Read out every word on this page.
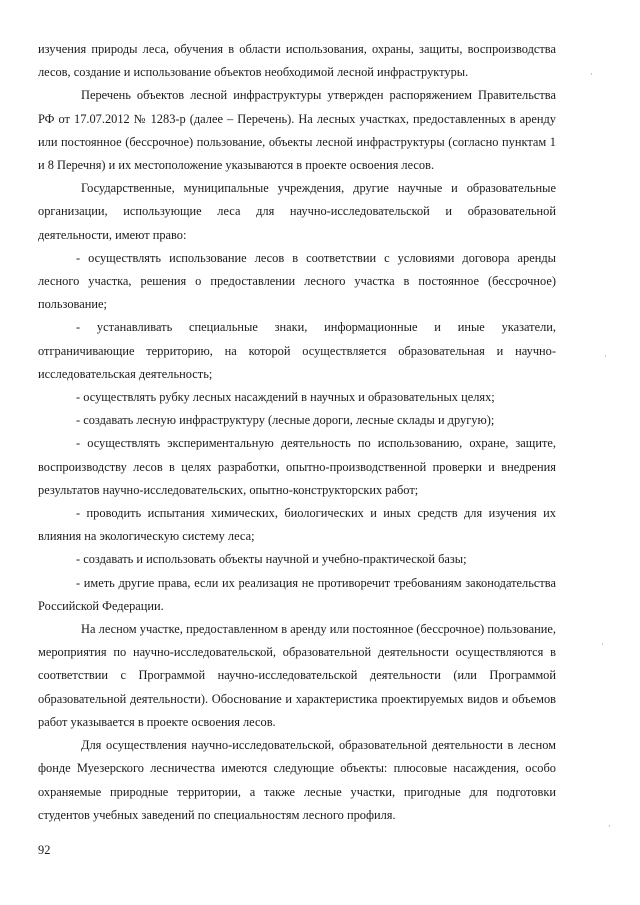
изучения природы леса, обучения в области использования, охраны, защиты, воспроизводства лесов, создание и использование объектов необходимой лесной инфраструктуры.

Перечень объектов лесной инфраструктуры утвержден распоряжением Правительства РФ от 17.07.2012 № 1283-р (далее – Перечень). На лесных участках, предоставленных в аренду или постоянное (бессрочное) пользование, объекты лесной инфраструктуры (согласно пунктам 1 и 8 Перечня) и их местоположение указываются в проекте освоения лесов.

Государственные, муниципальные учреждения, другие научные и образовательные организации, использующие леса для научно-исследовательской и образовательной деятельности, имеют право:

- осуществлять использование лесов в соответствии с условиями договора аренды лесного участка, решения о предоставлении лесного участка в постоянное (бессрочное) пользование;

- устанавливать специальные знаки, информационные и иные указатели, отграничивающие территорию, на которой осуществляется образовательная и научно-исследовательская деятельность;

- осуществлять рубку лесных насаждений в научных и образовательных целях;

- создавать лесную инфраструктуру (лесные дороги, лесные склады и другую);

- осуществлять экспериментальную деятельность по использованию, охране, защите, воспроизводству лесов в целях разработки, опытно-производственной проверки и внедрения результатов научно-исследовательских, опытно-конструкторских работ;

- проводить испытания химических, биологических и иных средств для изучения их влияния на экологическую систему леса;

- создавать и использовать объекты научной и учебно-практической базы;

- иметь другие права, если их реализация не противоречит требованиям законодательства Российской Федерации.

На лесном участке, предоставленном в аренду или постоянное (бессрочное) пользование, мероприятия по научно-исследовательской, образовательной деятельности осуществляются в соответствии с Программой научно-исследовательской деятельности (или Программой образовательной деятельности). Обоснование и характеристика проектируемых видов и объемов работ указывается в проекте освоения лесов.

Для осуществления научно-исследовательской, образовательной деятельности в лесном фонде Муезерского лесничества имеются следующие объекты: плюсовые насаждения, особо охраняемые природные территории, а также лесные участки, пригодные для подготовки студентов учебных заведений по специальностям лесного профиля.

92
·
·
·
·
